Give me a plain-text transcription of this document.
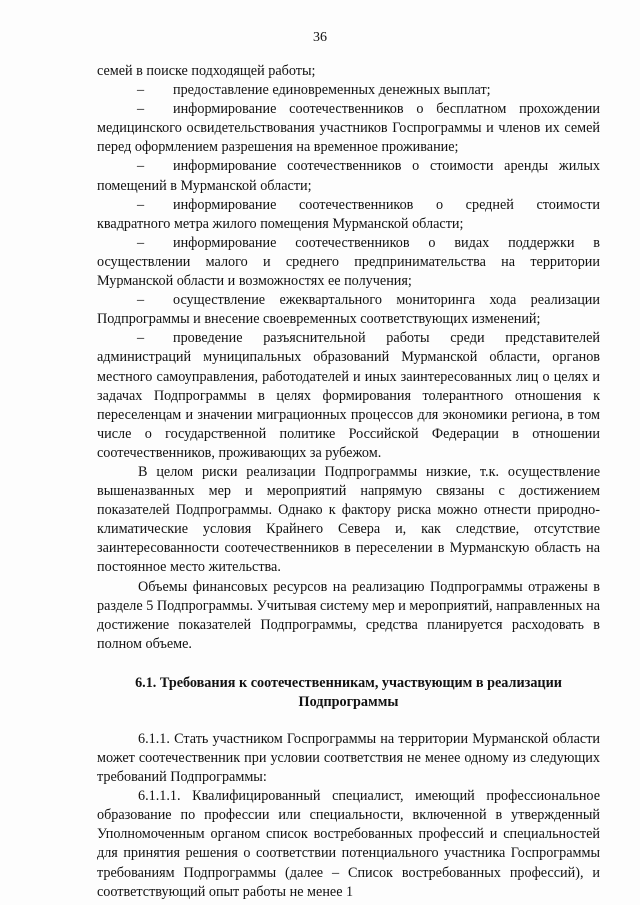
36

семей в поиске подходящей работы;

– предоставление единовременных денежных выплат;

– информирование соотечественников о бесплатном прохождении медицинского освидетельствования участников Госпрограммы и членов их семей перед оформлением разрешения на временное проживание;

– информирование соотечественников о стоимости аренды жилых помещений в Мурманской области;

– информирование соотечественников о средней стоимости квадратного метра жилого помещения Мурманской области;

– информирование соотечественников о видах поддержки в осуществлении малого и среднего предпринимательства на территории Мурманской области и возможностях ее получения;

– осуществление ежеквартального мониторинга хода реализации Подпрограммы и внесение своевременных соответствующих изменений;

– проведение разъяснительной работы среди представителей администраций муниципальных образований Мурманской области, органов местного самоуправления, работодателей и иных заинтересованных лиц о целях и задачах Подпрограммы в целях формирования толерантного отношения к переселенцам и значении миграционных процессов для экономики региона, в том числе о государственной политике Российской Федерации в отношении соотечественников, проживающих за рубежом.

В целом риски реализации Подпрограммы низкие, т.к. осуществление вышеназванных мер и мероприятий напрямую связаны с достижением показателей Подпрограммы. Однако к фактору риска можно отнести природно-климатические условия Крайнего Севера и, как следствие, отсутствие заинтересованности соотечественников в переселении в Мурманскую область на постоянное место жительства.

Объемы финансовых ресурсов на реализацию Подпрограммы отражены в разделе 5 Подпрограммы. Учитывая систему мер и мероприятий, направленных на достижение показателей Подпрограммы, средства планируется расходовать в полном объеме.

6.1. Требования к соотечественникам, участвующим в реализации Подпрограммы

6.1.1. Стать участником Госпрограммы на территории Мурманской области может соотечественник при условии соответствия не менее одному из следующих требований Подпрограммы:

6.1.1.1. Квалифицированный специалист, имеющий профессиональное образование по профессии или специальности, включенной в утвержденный Уполномоченным органом список востребованных профессий и специальностей для принятия решения о соответствии потенциального участника Госпрограммы требованиям Подпрограммы (далее – Список востребованных профессий), и соответствующий опыт работы не менее 1
